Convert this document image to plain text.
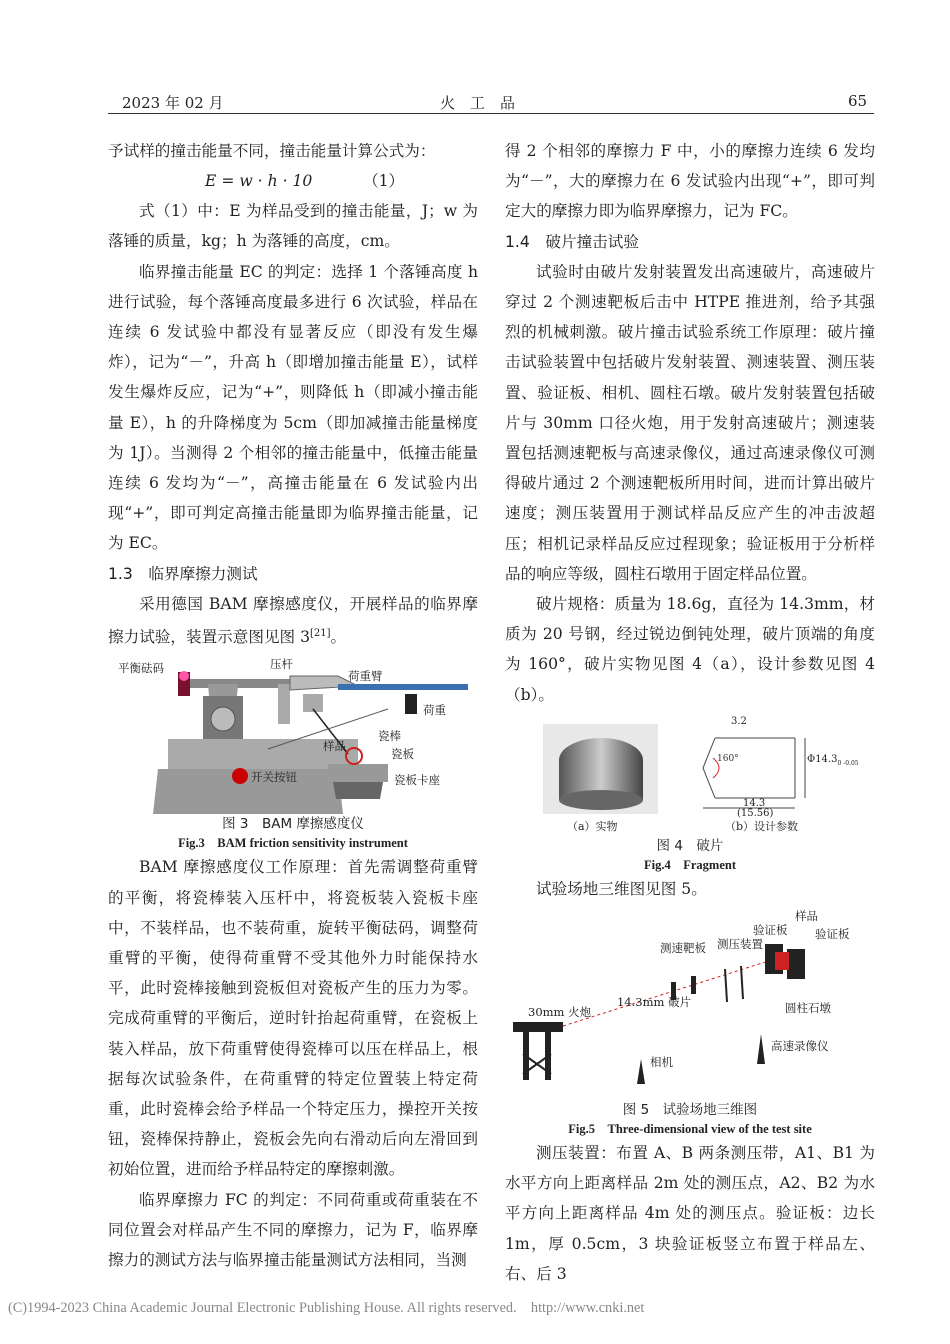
2023 年 02 月	火　工　品	65

予试样的撞击能量不同，撞击能量计算公式为：

E = w · h · 10	（1）

式（1）中：E 为样品受到的撞击能量，J；w 为落锤的质量，kg；h 为落锤的高度，cm。

临界撞击能量 EC 的判定：选择 1 个落锤高度 h 进行试验，每个落锤高度最多进行 6 次试验，样品在连续 6 发试验中都没有显著反应（即没有发生爆炸），记为“－”，升高 h（即增加撞击能量 E），试样发生爆炸反应，记为“+”，则降低 h（即减小撞击能量 E），h 的升降梯度为 5cm（即加减撞击能量梯度为 1J）。当测得 2 个相邻的撞击能量中，低撞击能量连续 6 发均为“－”，高撞击能量在 6 发试验内出现“+”，即可判定高撞击能量即为临界撞击能量，记为 EC。

1.3　临界摩擦力测试

采用德国 BAM 摩擦感度仪，开展样品的临界摩擦力试验，装置示意图见图 3[21]。

平衡砝码	压杆
荷重臂
荷重
样品
瓷棒
瓷板
瓷板卡座
开关按钮
图 3　BAM 摩擦感度仪
Fig.3　BAM friction sensitivity instrument

BAM 摩擦感度仪工作原理：首先需调整荷重臂的平衡，将瓷棒装入压杆中，将瓷板装入瓷板卡座中，不装样品，也不装荷重，旋转平衡砝码，调整荷重臂的平衡，使得荷重臂不受其他外力时能保持水平，此时瓷棒接触到瓷板但对瓷板产生的压力为零。完成荷重臂的平衡后，逆时针抬起荷重臂，在瓷板上装入样品，放下荷重臂使得瓷棒可以压在样品上，根据每次试验条件，在荷重臂的特定位置装上特定荷重，此时瓷棒会给予样品一个特定压力，操控开关按钮，瓷棒保持静止，瓷板会先向右滑动后向左滑回到初始位置，进而给予样品特定的摩擦刺激。

临界摩擦力 FC 的判定：不同荷重或荷重装在不同位置会对样品产生不同的摩擦力，记为 F，临界摩擦力的测试方法与临界撞击能量测试方法相同，当测

得 2 个相邻的摩擦力 F 中，小的摩擦力连续 6 发均为“－”，大的摩擦力在 6 发试验内出现“+”，即可判定大的摩擦力即为临界摩擦力，记为 FC。

1.4　破片撞击试验

试验时由破片发射装置发出高速破片，高速破片穿过 2 个测速靶板后击中 HTPE 推进剂，给予其强烈的机械刺激。破片撞击试验系统工作原理：破片撞击试验装置中包括破片发射装置、测速装置、测压装置、验证板、相机、圆柱石墩。破片发射装置包括破片与 30mm 口径火炮，用于发射高速破片；测速装置包括测速靶板与高速录像仪，通过高速录像仪可测得破片通过 2 个测速靶板所用时间，进而计算出破片速度；测压装置用于测试样品反应产生的冲击波超压；相机记录样品反应过程现象；验证板用于分析样品的响应等级，圆柱石墩用于固定样品位置。

破片规格：质量为 18.6g，直径为 14.3mm，材质为 20 号钢，经过锐边倒钝处理，破片顶端的角度为 160°，破片实物见图 4（a），设计参数见图 4（b）。

3.2
160°	$\Phi 14.3_{0 -0.05}$
14.3
(15.56)
（a）实物	（b）设计参数
图 4　破片
Fig.4　Fragment

试验场地三维图见图 5。

验证板
样品
验证板
测速靶板 测压装置
14.3mm 破片
30mm 火炮	圆柱石墩
相机
高速录像仪
图 5　试验场地三维图
Fig.5　Three-dimensional view of the test site

测压装置：布置 A、B 两条测压带，A1、B1 为水平方向上距离样品 2m 处的测压点，A2、B2 为水平方向上距离样品 4m 处的测压点。验证板：边长 1m，厚 0.5cm，3 块验证板竖立布置于样品左、右、后 3

(C)1994-2023 China Academic Journal Electronic Publishing House. All rights reserved.　http://www.cnki.net
